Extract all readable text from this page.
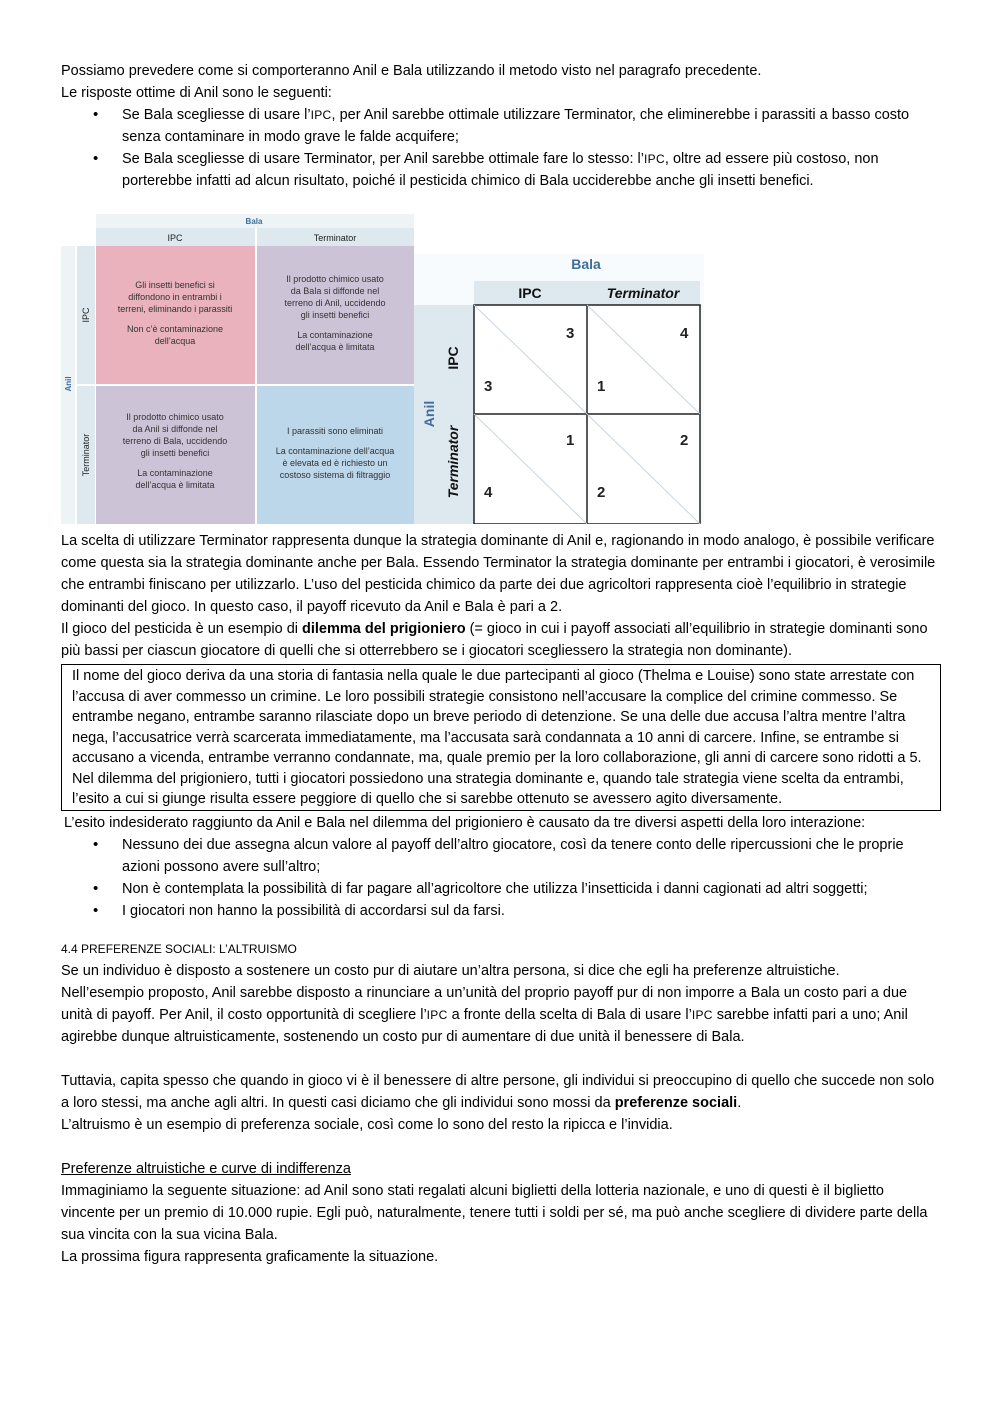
Possiamo prevedere come si comporteranno Anil e Bala utilizzando il metodo visto nel paragrafo precedente.

Le risposte ottime di Anil sono le seguenti:

• Se Bala scegliesse di usare l’IPC, per Anil sarebbe ottimale utilizzare Terminator, che eliminerebbe i parassiti a basso costo senza contaminare in modo grave le falde acquifere;
• Se Bala scegliesse di usare Terminator, per Anil sarebbe ottimale fare lo stesso: l’IPC, oltre ad essere più costoso, non porterebbe infatti ad alcun risultato, poiché il pesticida chimico di Bala ucciderebbe anche gli insetti benefici.
Bala
IPC	Terminator
Anil
IPC
Terminator
Gli insetti benefici si
diffondono in entrambi i
terreni, eliminando i parassiti
Non c’è contaminazione
dell’acqua
Il prodotto chimico usato
da Bala si diffonde nel
terreno di Anil, uccidendo
gli insetti benefici
La contaminazione
dell’acqua è limitata
Il prodotto chimico usato
da Anil si diffonde nel
terreno di Bala, uccidendo
gli insetti benefici
La contaminazione
dell’acqua è limitata
I parassiti sono eliminati
La contaminazione dell’acqua
è elevata ed è richiesto un
costoso sistema di filtraggio
Bala
IPC	Terminator
Anil
IPC
Terminator
3
3
4
1
1
4
2
2

La scelta di utilizzare Terminator rappresenta dunque la strategia dominante di Anil e, ragionando in modo analogo, è possibile verificare come questa sia la strategia dominante anche per Bala. Essendo Terminator la strategia dominante per entrambi i giocatori, è verosimile che entrambi finiscano per utilizzarlo. L’uso del pesticida chimico da parte dei due agricoltori rappresenta cioè l’equilibrio in strategie dominanti del gioco. In questo caso, il payoff ricevuto da Anil e Bala è pari a 2.

Il gioco del pesticida è un esempio di dilemma del prigioniero (= gioco in cui i payoff associati all’equilibrio in strategie dominanti sono più bassi per ciascun giocatore di quelli che si otterrebbero se i giocatori scegliessero la strategia non dominante).

Il nome del gioco deriva da una storia di fantasia nella quale le due partecipanti al gioco (Thelma e Louise) sono state arrestate con l’accusa di aver commesso un crimine. Le loro possibili strategie consistono nell’accusare la complice del crimine commesso. Se entrambe negano, entrambe saranno rilasciate dopo un breve periodo di detenzione. Se una delle due accusa l’altra mentre l’altra nega, l’accusatrice verrà scarcerata immediatamente, ma l’accusata sarà condannata a 10 anni di carcere. Infine, se entrambe si accusano a vicenda, entrambe verranno condannate, ma, quale premio per la loro collaborazione, gli anni di carcere sono ridotti a 5.

Nel dilemma del prigioniero, tutti i giocatori possiedono una strategia dominante e, quando tale strategia viene scelta da entrambi, l’esito a cui si giunge risulta essere peggiore di quello che si sarebbe ottenuto se avessero agito diversamente.

L’esito indesiderato raggiunto da Anil e Bala nel dilemma del prigioniero è causato da tre diversi aspetti della loro interazione:

• Nessuno dei due assegna alcun valore al payoff dell’altro giocatore, così da tenere conto delle ripercussioni che le proprie azioni possono avere sull’altro;
• Non è contemplata la possibilità di far pagare all’agricoltore che utilizza l’insetticida i danni cagionati ad altri soggetti;
• I giocatori non hanno la possibilità di accordarsi sul da farsi.

4.4 PREFERENZE SOCIALI: L’ALTRUISMO

Se un individuo è disposto a sostenere un costo pur di aiutare un’altra persona, si dice che egli ha preferenze altruistiche.

Nell’esempio proposto, Anil sarebbe disposto a rinunciare a un’unità del proprio payoff pur di non imporre a Bala un costo pari a due unità di payoff. Per Anil, il costo opportunità di scegliere l’IPC a fronte della scelta di Bala di usare l’IPC sarebbe infatti pari a uno; Anil agirebbe dunque altruisticamente, sostenendo un costo pur di aumentare di due unità il benessere di Bala.

Tuttavia, capita spesso che quando in gioco vi è il benessere di altre persone, gli individui si preoccupino di quello che succede non solo a loro stessi, ma anche agli altri. In questi casi diciamo che gli individui sono mossi da preferenze sociali.

L’altruismo è un esempio di preferenza sociale, così come lo sono del resto la ripicca e l’invidia.

Preferenze altruistiche e curve di indifferenza

Immaginiamo la seguente situazione: ad Anil sono stati regalati alcuni biglietti della lotteria nazionale, e uno di questi è il biglietto vincente per un premio di 10.000 rupie. Egli può, naturalmente, tenere tutti i soldi per sé, ma può anche scegliere di dividere parte della sua vincita con la sua vicina Bala.

La prossima figura rappresenta graficamente la situazione.
